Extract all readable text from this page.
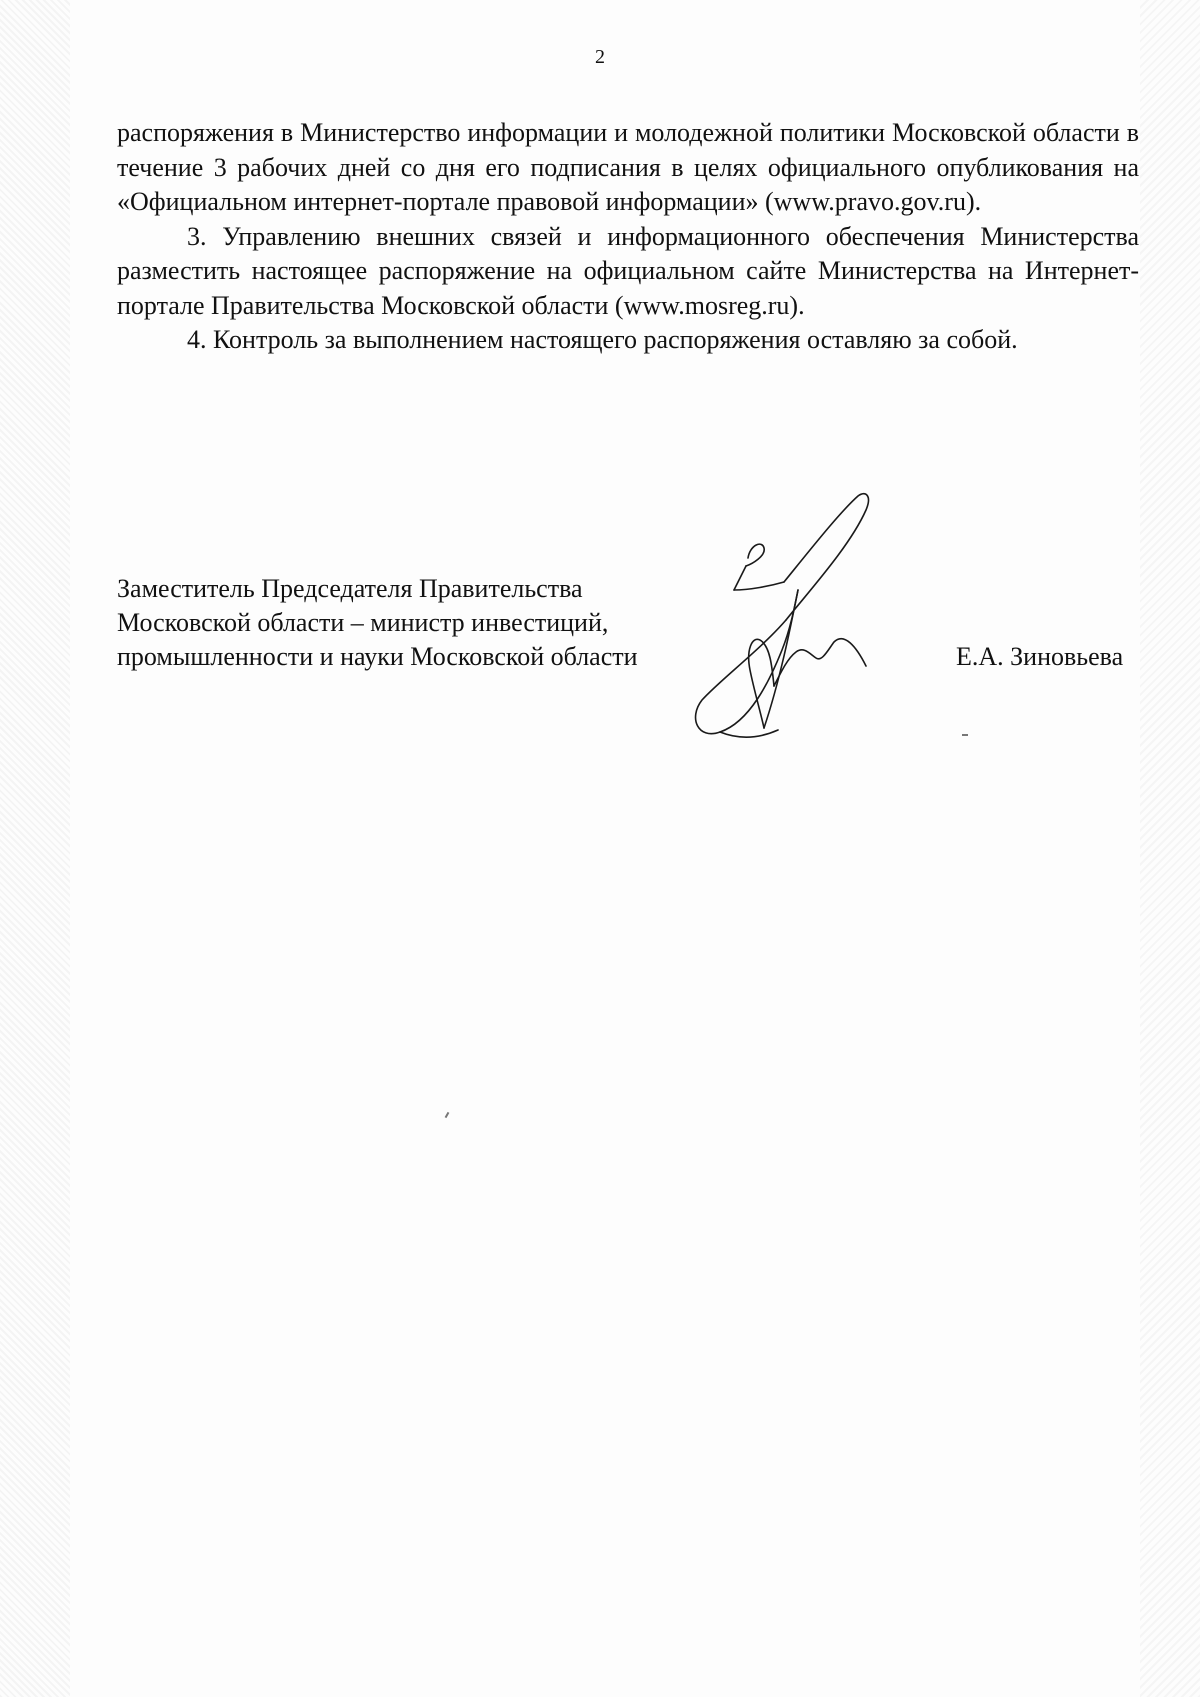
2

распоряжения в Министерство информации и молодежной политики Московской области в течение 3 рабочих дней со дня его подписания в целях официального опубликования на «Официальном интернет-портале правовой информации» (www.pravo.gov.ru).

3. Управлению внешних связей и информационного обеспечения Министерства разместить настоящее распоряжение на официальном сайте Министерства на Интернет-портале Правительства Московской области (www.mosreg.ru).

4. Контроль за выполнением настоящего распоряжения оставляю за собой.

Заместитель Председателя Правительства
Московской области – министр инвестиций,
промышленности и науки Московской области	Е.А. Зиновьева
